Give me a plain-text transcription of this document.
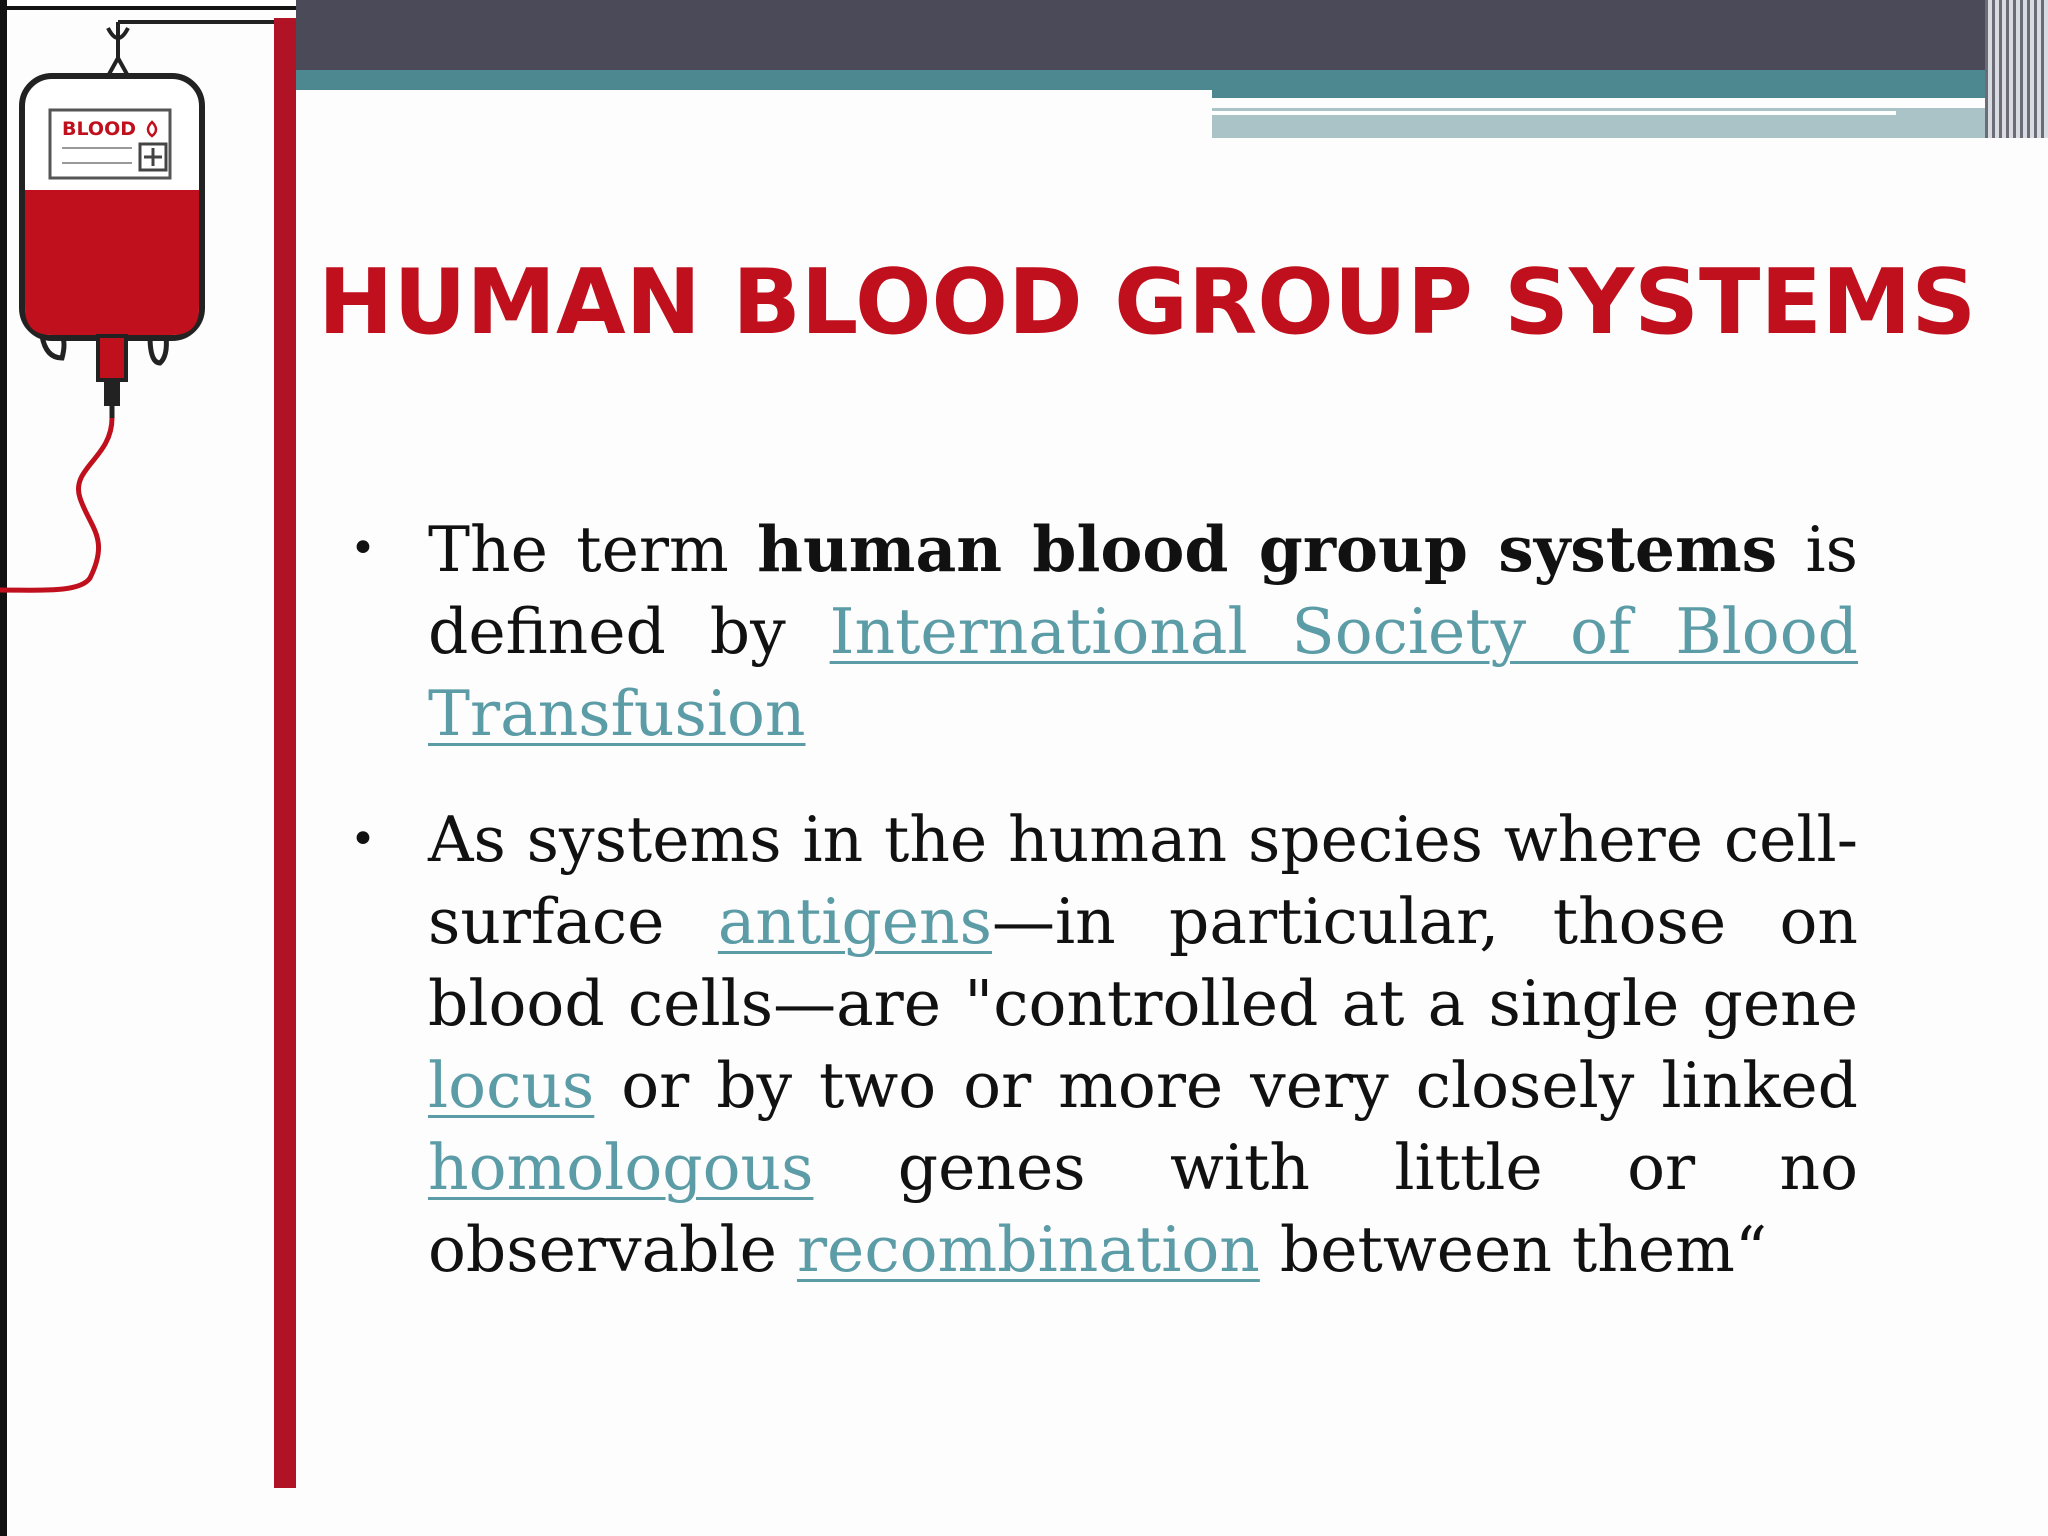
BLOOD
HUMAN BLOOD GROUP SYSTEMS
• The term human blood group systems is defined by International Society of Blood Transfusion
• As systems in the human species where cell-surface antigens—in particular, those on blood cells—are "controlled at a single gene locus or by two or more very closely linked homologous genes with little or no observable recombination between them“
